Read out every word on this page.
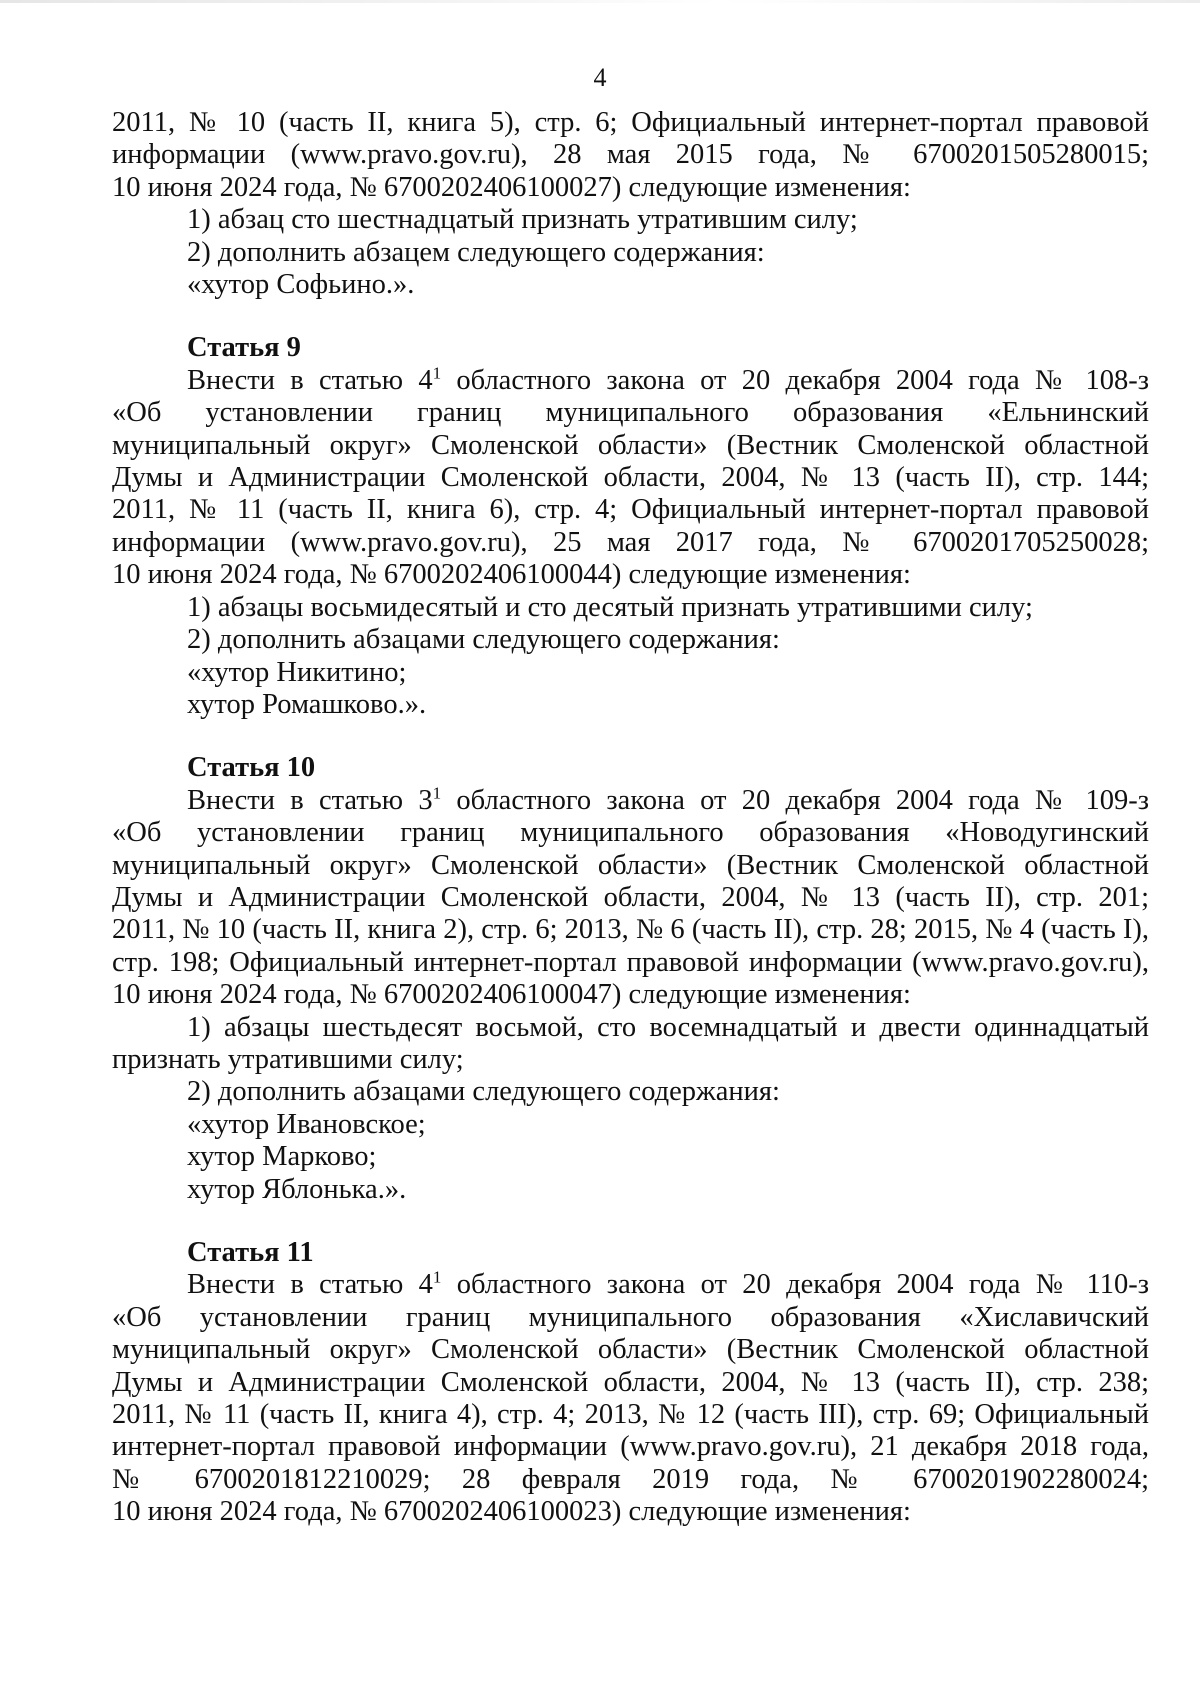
4
2011, № 10 (часть II, книга 5), стр. 6; Официальный интернет-портал правовой
информации (www.pravo.gov.ru), 28 мая 2015 года, № 6700201505280015;
10 июня 2024 года, № 6700202406100027) следующие изменения:
1) абзац сто шестнадцатый признать утратившим силу;
2) дополнить абзацем следующего содержания:
«хутор Софьино.».
Статья 9
Внести в статью $4^1$ областного закона от 20 декабря 2004 года № 108-з
«Об установлении границ муниципального образования «Ельнинский
муниципальный округ» Смоленской области» (Вестник Смоленской областной
Думы и Администрации Смоленской области, 2004, № 13 (часть II), стр. 144;
2011, № 11 (часть II, книга 6), стр. 4; Официальный интернет-портал правовой
информации (www.pravo.gov.ru), 25 мая 2017 года, № 6700201705250028;
10 июня 2024 года, № 6700202406100044) следующие изменения:
1) абзацы восьмидесятый и сто десятый признать утратившими силу;
2) дополнить абзацами следующего содержания:
«хутор Никитино;
хутор Ромашково.».
Статья 10
Внести в статью $3^1$ областного закона от 20 декабря 2004 года № 109-з
«Об установлении границ муниципального образования «Новодугинский
муниципальный округ» Смоленской области» (Вестник Смоленской областной
Думы и Администрации Смоленской области, 2004, № 13 (часть II), стр. 201;
2011, № 10 (часть II, книга 2), стр. 6; 2013, № 6 (часть II), стр. 28; 2015, № 4 (часть I),
стр. 198; Официальный интернет-портал правовой информации (www.pravo.gov.ru),
10 июня 2024 года, № 6700202406100047) следующие изменения:
1) абзацы шестьдесят восьмой, сто восемнадцатый и двести одиннадцатый
признать утратившими силу;
2) дополнить абзацами следующего содержания:
«хутор Ивановское;
хутор Марково;
хутор Яблонька.».
Статья 11
Внести в статью $4^1$ областного закона от 20 декабря 2004 года № 110-з
«Об установлении границ муниципального образования «Хиславичский
муниципальный округ» Смоленской области» (Вестник Смоленской областной
Думы и Администрации Смоленской области, 2004, № 13 (часть II), стр. 238;
2011, № 11 (часть II, книга 4), стр. 4; 2013, № 12 (часть III), стр. 69; Официальный
интернет-портал правовой информации (www.pravo.gov.ru), 21 декабря 2018 года,
№ 6700201812210029; 28 февраля 2019 года, № 6700201902280024;
10 июня 2024 года, № 6700202406100023) следующие изменения:
